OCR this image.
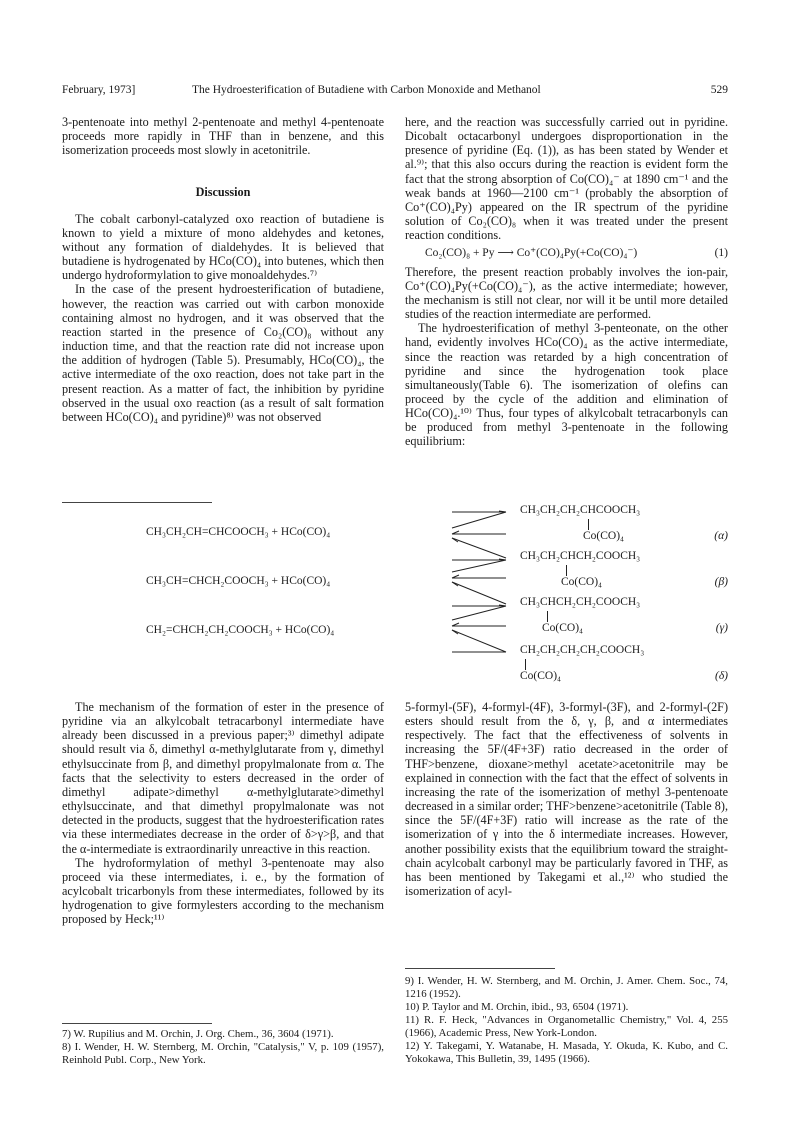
February, 1973]	The Hydroesterification of Butadiene with Carbon Monoxide and Methanol	529

3-pentenoate into methyl 2-pentenoate and methyl 4-pentenoate proceeds more rapidly in THF than in benzene, and this isomerization proceeds most slowly in acetonitrile.

Discussion

The cobalt carbonyl-catalyzed oxo reaction of butadiene is known to yield a mixture of mono aldehydes and ketones, without any formation of dialdehydes. It is believed that butadiene is hydrogenated by HCo(CO)₄ into butenes, which then undergo hydroformylation to give monoaldehydes.⁷⁾

In the case of the present hydroesterification of butadiene, however, the reaction was carried out with carbon monoxide containing almost no hydrogen, and it was observed that the reaction started in the presence of Co₂(CO)₈ without any induction time, and that the reaction rate did not increase upon the addition of hydrogen (Table 5). Presumably, HCo(CO)₄, the active intermediate of the oxo reaction, does not take part in the present reaction. As a matter of fact, the inhibition by pyridine observed in the usual oxo reaction (as a result of salt formation between HCo(CO)₄ and pyridine)⁸⁾ was not observed

here, and the reaction was successfully carried out in pyridine. Dicobalt octacarbonyl undergoes disproportionation in the presence of pyridine (Eq. (1)), as has been stated by Wender et al.⁹⁾; that this also occurs during the reaction is evident form the fact that the strong absorption of Co(CO)₄⁻ at 1890 cm⁻¹ and the weak bands at 1960—2100 cm⁻¹ (probably the absorption of Co⁺(CO)₄Py) appeared on the IR spectrum of the pyridine solution of Co₂(CO)₈ when it was treated under the present reaction conditions.

Co₂(CO)₈ + Py ⟶ Co⁺(CO)₄Py(+Co(CO)₄⁻)	(1)

Therefore, the present reaction probably involves the ion-pair, Co⁺(CO)₄Py(+Co(CO)₄⁻), as the active intermediate; however, the mechanism is still not clear, nor will it be until more detailed studies of the reaction intermediate are performed.

The hydroesterification of methyl 3-penteonate, on the other hand, evidently involves HCo(CO)₄ as the active intermediate, since the reaction was retarded by a high concentration of pyridine and since the hydrogenation took place simultaneously(Table 6). The isomerization of olefins can proceed by the cycle of the addition and elimination of HCo(CO)₄.¹⁰⁾ Thus, four types of alkylcobalt tetracarbonyls can be produced from methyl 3-pentenoate in the following equilibrium:

CH₃CH₂CH=CHCOOCH₃ + HCo(CO)₄
CH₃CH=CHCH₂COOCH₃ + HCo(CO)₄
CH₂=CHCH₂CH₂COOCH₃ + HCo(CO)₄
CH₃CH₂CH₂CHCOOCH₃
Co(CO)₄
CH₃CH₂CHCH₂COOCH₃
Co(CO)₄
CH₃CHCH₂CH₂COOCH₃
Co(CO)₄
CH₂CH₂CH₂CH₂COOCH₃
Co(CO)₄
(α)
(β)
(γ)
(δ)

The mechanism of the formation of ester in the presence of pyridine via an alkylcobalt tetracarbonyl intermediate have already been discussed in a previous paper;³⁾ dimethyl adipate should result via δ, dimethyl α-methylglutarate from γ, dimethyl ethylsuccinate from β, and dimethyl propylmalonate from α. The facts that the selectivity to esters decreased in the order of dimethyl adipate>dimethyl α-methylglutarate>dimethyl ethylsuccinate, and that dimethyl propylmalonate was not detected in the products, suggest that the hydroesterification rates via these intermediates decrease in the order of δ>γ>β, and that the α-intermediate is extraordinarily unreactive in this reaction.

The hydroformylation of methyl 3-pentenoate may also proceed via these intermediates, i. e., by the formation of acylcobalt tricarbonyls from these intermediates, followed by its hydrogenation to give formylesters according to the mechanism proposed by Heck;¹¹⁾

5-formyl-(5F), 4-formyl-(4F), 3-formyl-(3F), and 2-formyl-(2F) esters should result from the δ, γ, β, and α intermediates respectively. The fact that the effectiveness of solvents in increasing the 5F/(4F+3F) ratio decreased in the order of THF>benzene, dioxane>methyl acetate>acetonitrile may be explained in connection with the fact that the effect of solvents in increasing the rate of the isomerization of methyl 3-pentenoate decreased in a similar order; THF>benzene>acetonitrile (Table 8), since the 5F/(4F+3F) ratio will increase as the rate of the isomerization of γ into the δ intermediate increases. However, another possibility exists that the equilibrium toward the straight-chain acylcobalt carbonyl may be particularly favored in THF, as has been mentioned by Takegami et al.,¹²⁾ who studied the isomerization of acyl-

7) W. Rupilius and M. Orchin, J. Org. Chem., 36, 3604 (1971).

8) I. Wender, H. W. Sternberg, M. Orchin, "Catalysis," V, p. 109 (1957), Reinhold Publ. Corp., New York.

9) I. Wender, H. W. Sternberg, and M. Orchin, J. Amer. Chem. Soc., 74, 1216 (1952).

10) P. Taylor and M. Orchin, ibid., 93, 6504 (1971).

11) R. F. Heck, "Advances in Organometallic Chemistry," Vol. 4, 255 (1966), Academic Press, New York-London.

12) Y. Takegami, Y. Watanabe, H. Masada, Y. Okuda, K. Kubo, and C. Yokokawa, This Bulletin, 39, 1495 (1966).
